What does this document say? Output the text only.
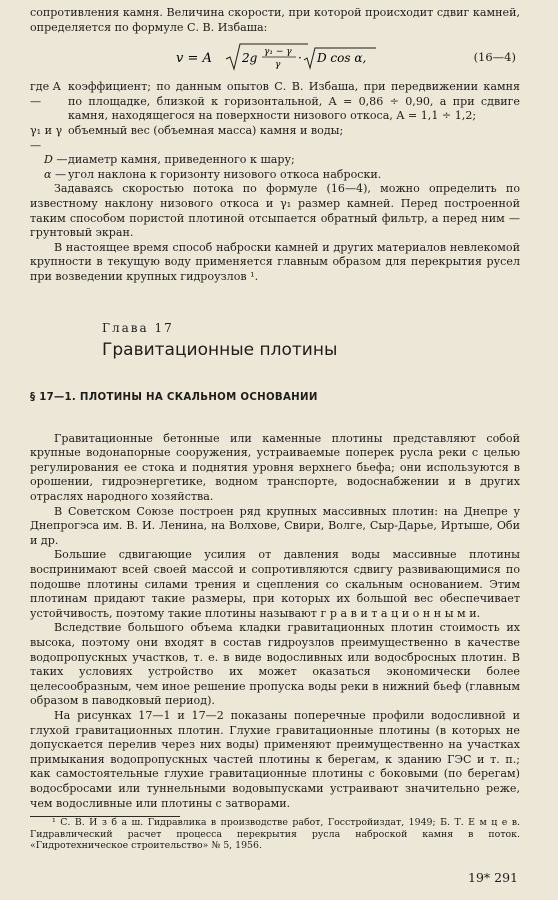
сопротивления камня. Величина скорости, при которой происходит сдвиг камней, определяется по формуле С. В. Избаша:

v = A	2g γ₁ − γ
γ · D cos α,	(16—4)
где A —
коэффициент; по данным опытов С. В. Избаша, при передвижении камня по площадке, близкой к горизонтальной, A = 0,86 ÷ 0,90, а при сдвиге камня, находящегося на поверхности низового откоса, A = 1,1 ÷ 1,2;
γ₁ и γ —
объемный вес (объемная масса) камня и воды;
D — диаметр камня, приведенного к шару;
α — угол наклона к горизонту низового откоса наброски.

Задаваясь скоростью потока по формуле (16—4), можно определить по известному наклону низового откоса и γ₁ размер камней. Перед построенной таким способом пористой плотиной отсыпается обратный фильтр, а перед ним — грунтовый экран.

В настоящее время способ наброски камней и других материалов невлекомой крупности в текущую воду применяется главным образом для перекрытия русел при возведении крупных гидроузлов ¹.

Глава 17
Гравитационные плотины
§ 17—1. ПЛОТИНЫ НА СКАЛЬНОМ ОСНОВАНИИ

Гравитационные бетонные или каменные плотины представляют собой крупные водонапорные сооружения, устраиваемые поперек русла реки с целью регулирования ее стока и поднятия уровня верхнего бьефа; они используются в орошении, гидроэнергетике, водном транспорте, водоснабжении и в других отраслях народного хозяйства.

В Советском Союзе построен ряд крупных массивных плотин: на Днепре у Днепрогэса им. В. И. Ленина, на Волхове, Свири, Волге, Сыр-Дарье, Иртыше, Оби и др.

Большие сдвигающие усилия от давления воды массивные плотины воспринимают всей своей массой и сопротивляются сдвигу развивающимися по подошве плотины силами трения и сцепления со скальным основанием. Этим плотинам придают такие размеры, при которых их большой вес обеспечивает устойчивость, поэтому такие плотины называют г р а в и т а ц и о н н ы м и.

Вследствие большого объема кладки гравитационных плотин стоимость их высока, поэтому они входят в состав гидроузлов преимущественно в качестве водопропускных участков, т. е. в виде водосливных или водосбросных плотин. В таких условиях устройство их может оказаться экономически более целесообразным, чем иное решение пропуска воды реки в нижний бьеф (главным образом в паводковый период).

На рисунках 17—1 и 17—2 показаны поперечные профили водосливной и глухой гравитационных плотин. Глухие гравитационные плотины (в которых не допускается перелив через них воды) применяют преимущественно на участках примыкания водопропускных частей плотины к берегам, к зданию ГЭС и т. п.; как самостоятельные глухие гравитационные плотины с боковыми (по берегам) водосбросами или туннельными водовыпусками устраивают значительно реже, чем водосливные или плотины с затворами.

¹ С. В. И з б а ш. Гидравлика в производстве работ, Госстройиздат, 1949; Б. Т. Е м ц е в. Гидравлический расчет процесса перекрытия русла наброской камня в поток. «Гидротехническое строительство» № 5, 1956.

19* 291
